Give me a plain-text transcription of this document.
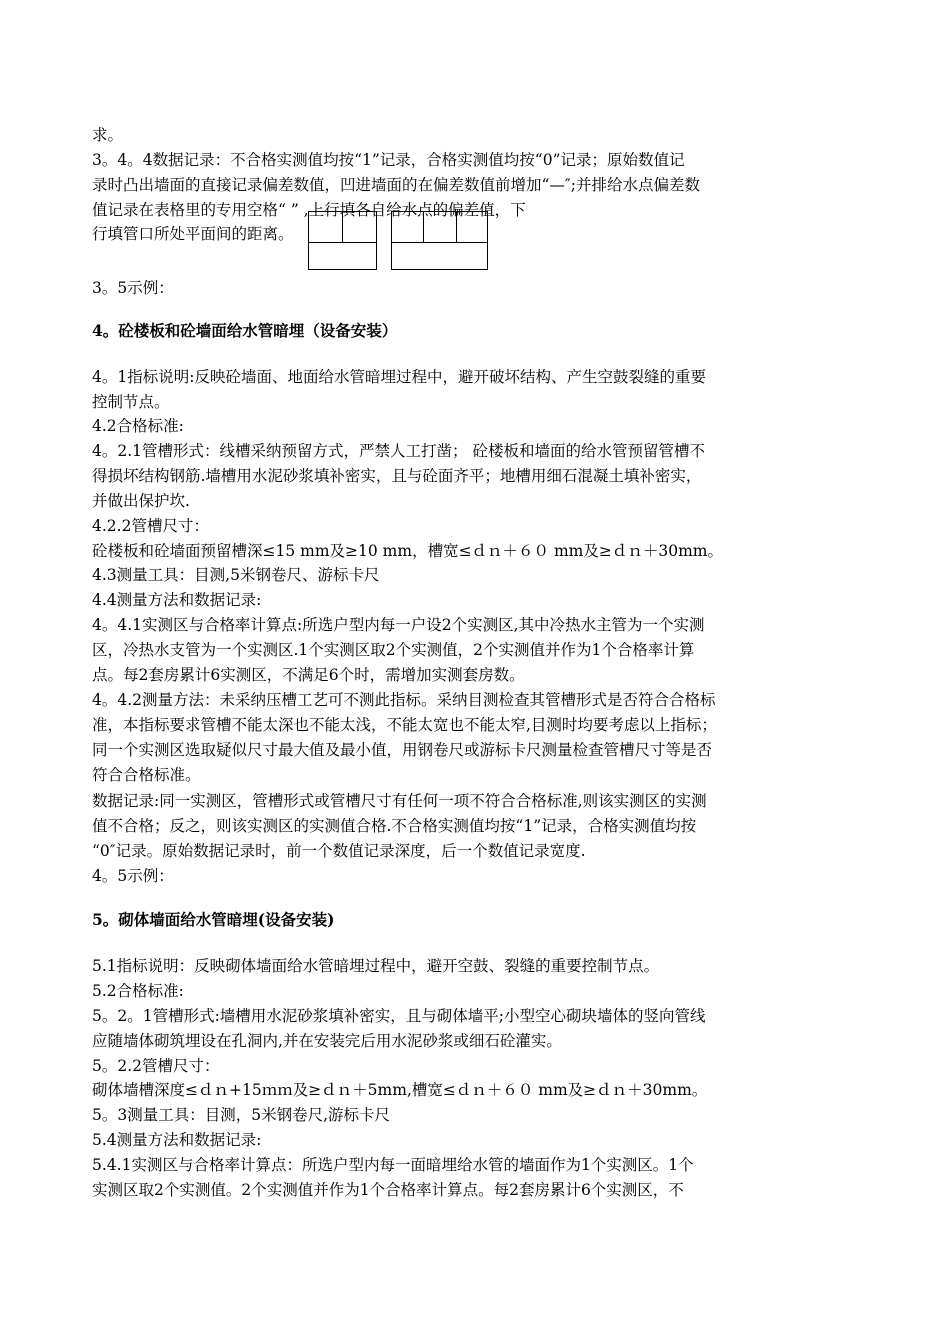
求。
3。4。4数据记录：不合格实测值均按“1”记录，合格实测值均按“0”记录；原始数值记
录时凸出墙面的直接记录偏差数值，凹进墙面的在偏差数值前增加“—″;并排给水点偏差数
值记录在表格里的专用空格“ ” ,上行填各自给水点的偏差值，下
行填管口所处平面间的距离。
3。5示例：
4。砼楼板和砼墙面给水管暗埋（设备安装）
4。1指标说明:反映砼墙面、地面给水管暗埋过程中，避开破坏结构、产生空鼓裂缝的重要
控制节点。
4.2合格标准:
4。2.1管槽形式：线槽采纳预留方式，严禁人工打凿； 砼楼板和墙面的给水管预留管槽不
得损坏结构钢筋.墙槽用水泥砂浆填补密实，且与砼面齐平；地槽用细石混凝土填补密实，
并做出保护坎.
4.2.2管槽尺寸：
砼楼板和砼墙面预留槽深≤15 mm及≥10 mm，槽宽≤ｄｎ＋６０ mm及≥ｄｎ＋30mm。
4.3测量工具：目测,5米钢卷尺、游标卡尺
4.4测量方法和数据记录:
4。4.1实测区与合格率计算点:所选户型内每一户设2个实测区,其中冷热水主管为一个实测
区，冷热水支管为一个实测区.1个实测区取2个实测值，2个实测值并作为1个合格率计算
点。每2套房累计6实测区，不满足6个时，需增加实测套房数。
4。4.2测量方法：未采纳压槽工艺可不测此指标。采纳目测检查其管槽形式是否符合合格标
准，本指标要求管槽不能太深也不能太浅，不能太宽也不能太窄,目测时均要考虑以上指标；
同一个实测区选取疑似尺寸最大值及最小值，用钢卷尺或游标卡尺测量检查管槽尺寸等是否
符合合格标准。
数据记录:同一实测区，管槽形式或管槽尺寸有任何一项不符合合格标准,则该实测区的实测
值不合格；反之，则该实测区的实测值合格.不合格实测值均按“1”记录，合格实测值均按
“0″记录。原始数据记录时，前一个数值记录深度，后一个数值记录宽度.
4。5示例：
5。砌体墙面给水管暗埋(设备安装)
5.1指标说明：反映砌体墙面给水管暗埋过程中，避开空鼓、裂缝的重要控制节点。
5.2合格标准:
5。2。1管槽形式:墙槽用水泥砂浆填补密实，且与砌体墙平;小型空心砌块墙体的竖向管线
应随墙体砌筑埋设在孔洞内,并在安装完后用水泥砂浆或细石砼灌实。
5。2.2管槽尺寸：
砌体墙槽深度≤ｄｎ+15ｍｍ及≥ｄｎ＋5mm,槽宽≤ｄｎ＋６０ mm及≥ｄｎ＋30mm。
5。3测量工具：目测，5米钢卷尺,游标卡尺
5.4测量方法和数据记录:
5.4.1实测区与合格率计算点：所选户型内每一面暗埋给水管的墙面作为1个实测区。1个
实测区取2个实测值。2个实测值并作为1个合格率计算点。每2套房累计6个实测区，不
